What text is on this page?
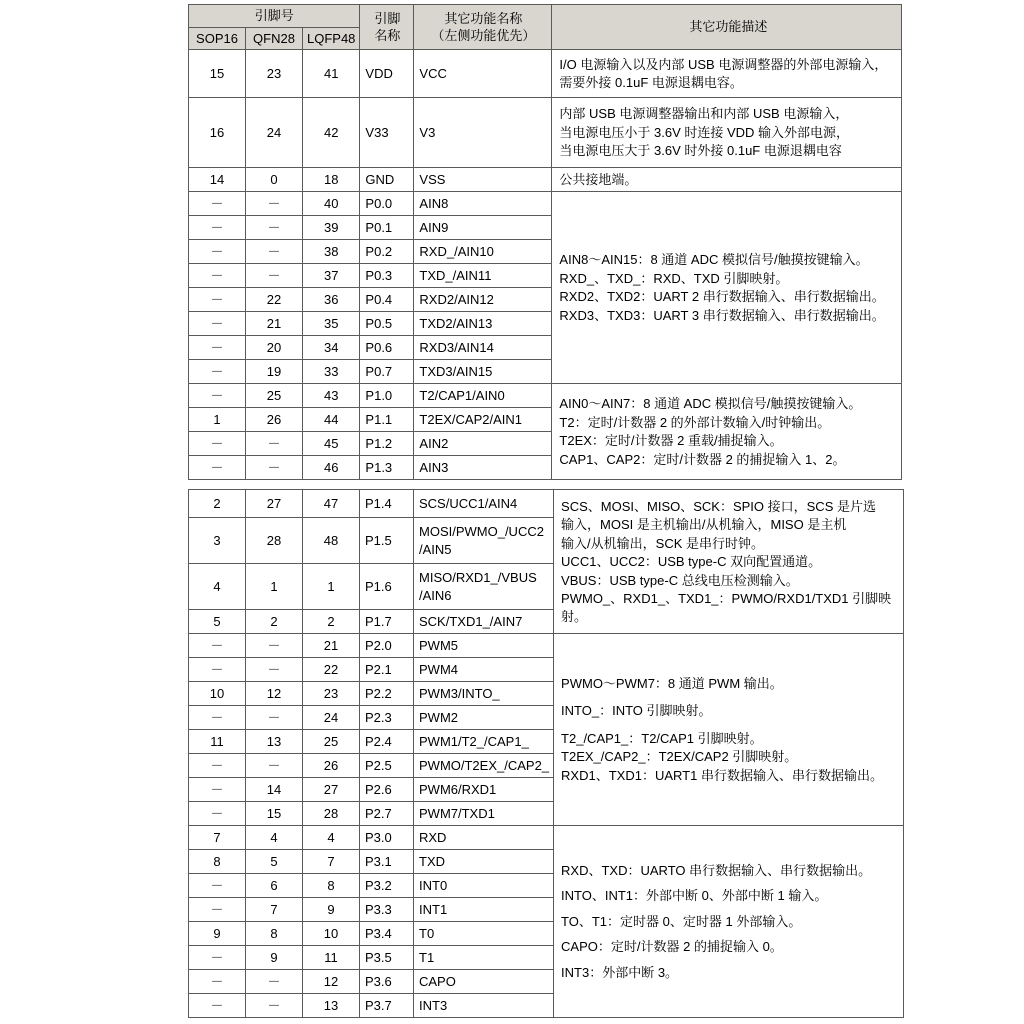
引脚号	引脚
名称

其它功能名称
（左侧功能优先）
	其它功能描述
SOP16	QFN28	LQFP48			
15	23	41	VDD	VCC	I/O 电源输入以及内部 USB 电源调整器的外部电源输入，需要外接 0.1uF 电源退耦电容。
16	24	42	V33	V3	内部 USB 电源调整器输出和内部 USB 电源输入，
当电源电压小于 3.6V 时连接 VDD 输入外部电源，
当电源电压大于 3.6V 时外接 0.1uF 电源退耦电容

14	0	18	GND	VSS	公共接地端。
－	－	40	P0.0	AIN8	AIN8～AIN15：8 通道 ADC 模拟信号/触摸按键输入。
RXD_、TXD_：RXD、TXD 引脚映射。
RXD2、TXD2：UART 2 串行数据输入、串行数据输出。
RXD3、TXD3：UART 3 串行数据输入、串行数据输出。

－	－	39	P0.1	AIN9	
－	－	38	P0.2	RXD_/AIN10	
－	－	37	P0.3	TXD_/AIN11	
－	22	36	P0.4	RXD2/AIN12	
－	21	35	P0.5	TXD2/AIN13	
－	20	34	P0.6	RXD3/AIN14	
－	19	33	P0.7	TXD3/AIN15	
－	25	43	P1.0	T2/CAP1/AIN0	AIN0～AIN7：8 通道 ADC 模拟信号/触摸按键输入。
T2：定时/计数器 2 的外部计数输入/时钟输出。
T2EX：定时/计数器 2 重载/捕捉输入。
CAP1、CAP2：定时/计数器 2 的捕捉输入 1、2。

1	26	44	P1.1	T2EX/CAP2/AIN1	
－	－	45	P1.2	AIN2	
－	－	46	P1.3	AIN3	
2	27	47	P1.4	SCS/UCC1/AIN4	SCS、MOSI、MISO、SCK：SPIO 接口，SCS 是片选
输入，MOSI 是主机输出/从机输入，MISO 是主机
输入/从机输出，SCK 是串行时钟。
UCC1、UCC2：USB type-C 双向配置通道。
VBUS：USB type-C 总线电压检测输入。
PWMO_、RXD1_、TXD1_：PWMO/RXD1/TXD1 引脚映射。

3	28	48	P1.5	MOSI/PWMO_/UCC2
/AIN5	

4	1	1	P1.6	MISO/RXD1_/VBUS
/AIN6	

5	2	2	P1.7	SCK/TXD1_/AIN7	
－	－	21	P2.0	PWM5	PWMO～PWM7：8 通道 PWM 输出。
INTO_：INTO 引脚映射。
T2_/CAP1_：T2/CAP1 引脚映射。
T2EX_/CAP2_：T2EX/CAP2 引脚映射。
RXD1、TXD1：UART1 串行数据输入、串行数据输出。

－	－	22	P2.1	PWM4	
10	12	23	P2.2	PWM3/INTO_	
－	－	24	P2.3	PWM2	
11	13	25	P2.4	PWM1/T2_/CAP1_	
－	－	26	P2.5	PWMO/T2EX_/CAP2_	
－	14	27	P2.6	PWM6/RXD1	
－	15	28	P2.7	PWM7/TXD1	
7	4	4	P3.0	RXD	RXD、TXD：UARTO 串行数据输入、串行数据输出。
INTO、INT1：外部中断 0、外部中断 1 输入。
TO、T1：定时器 0、定时器 1 外部输入。
CAPO：定时/计数器 2 的捕捉输入 0。
INT3：外部中断 3。

8	5	7	P3.1	TXD	
－	6	8	P3.2	INT0	
－	7	9	P3.3	INT1	
9	8	10	P3.4	T0	
－	9	11	P3.5	T1	
－	－	12	P3.6	CAPO	
－	－	13	P3.7	INT3	
